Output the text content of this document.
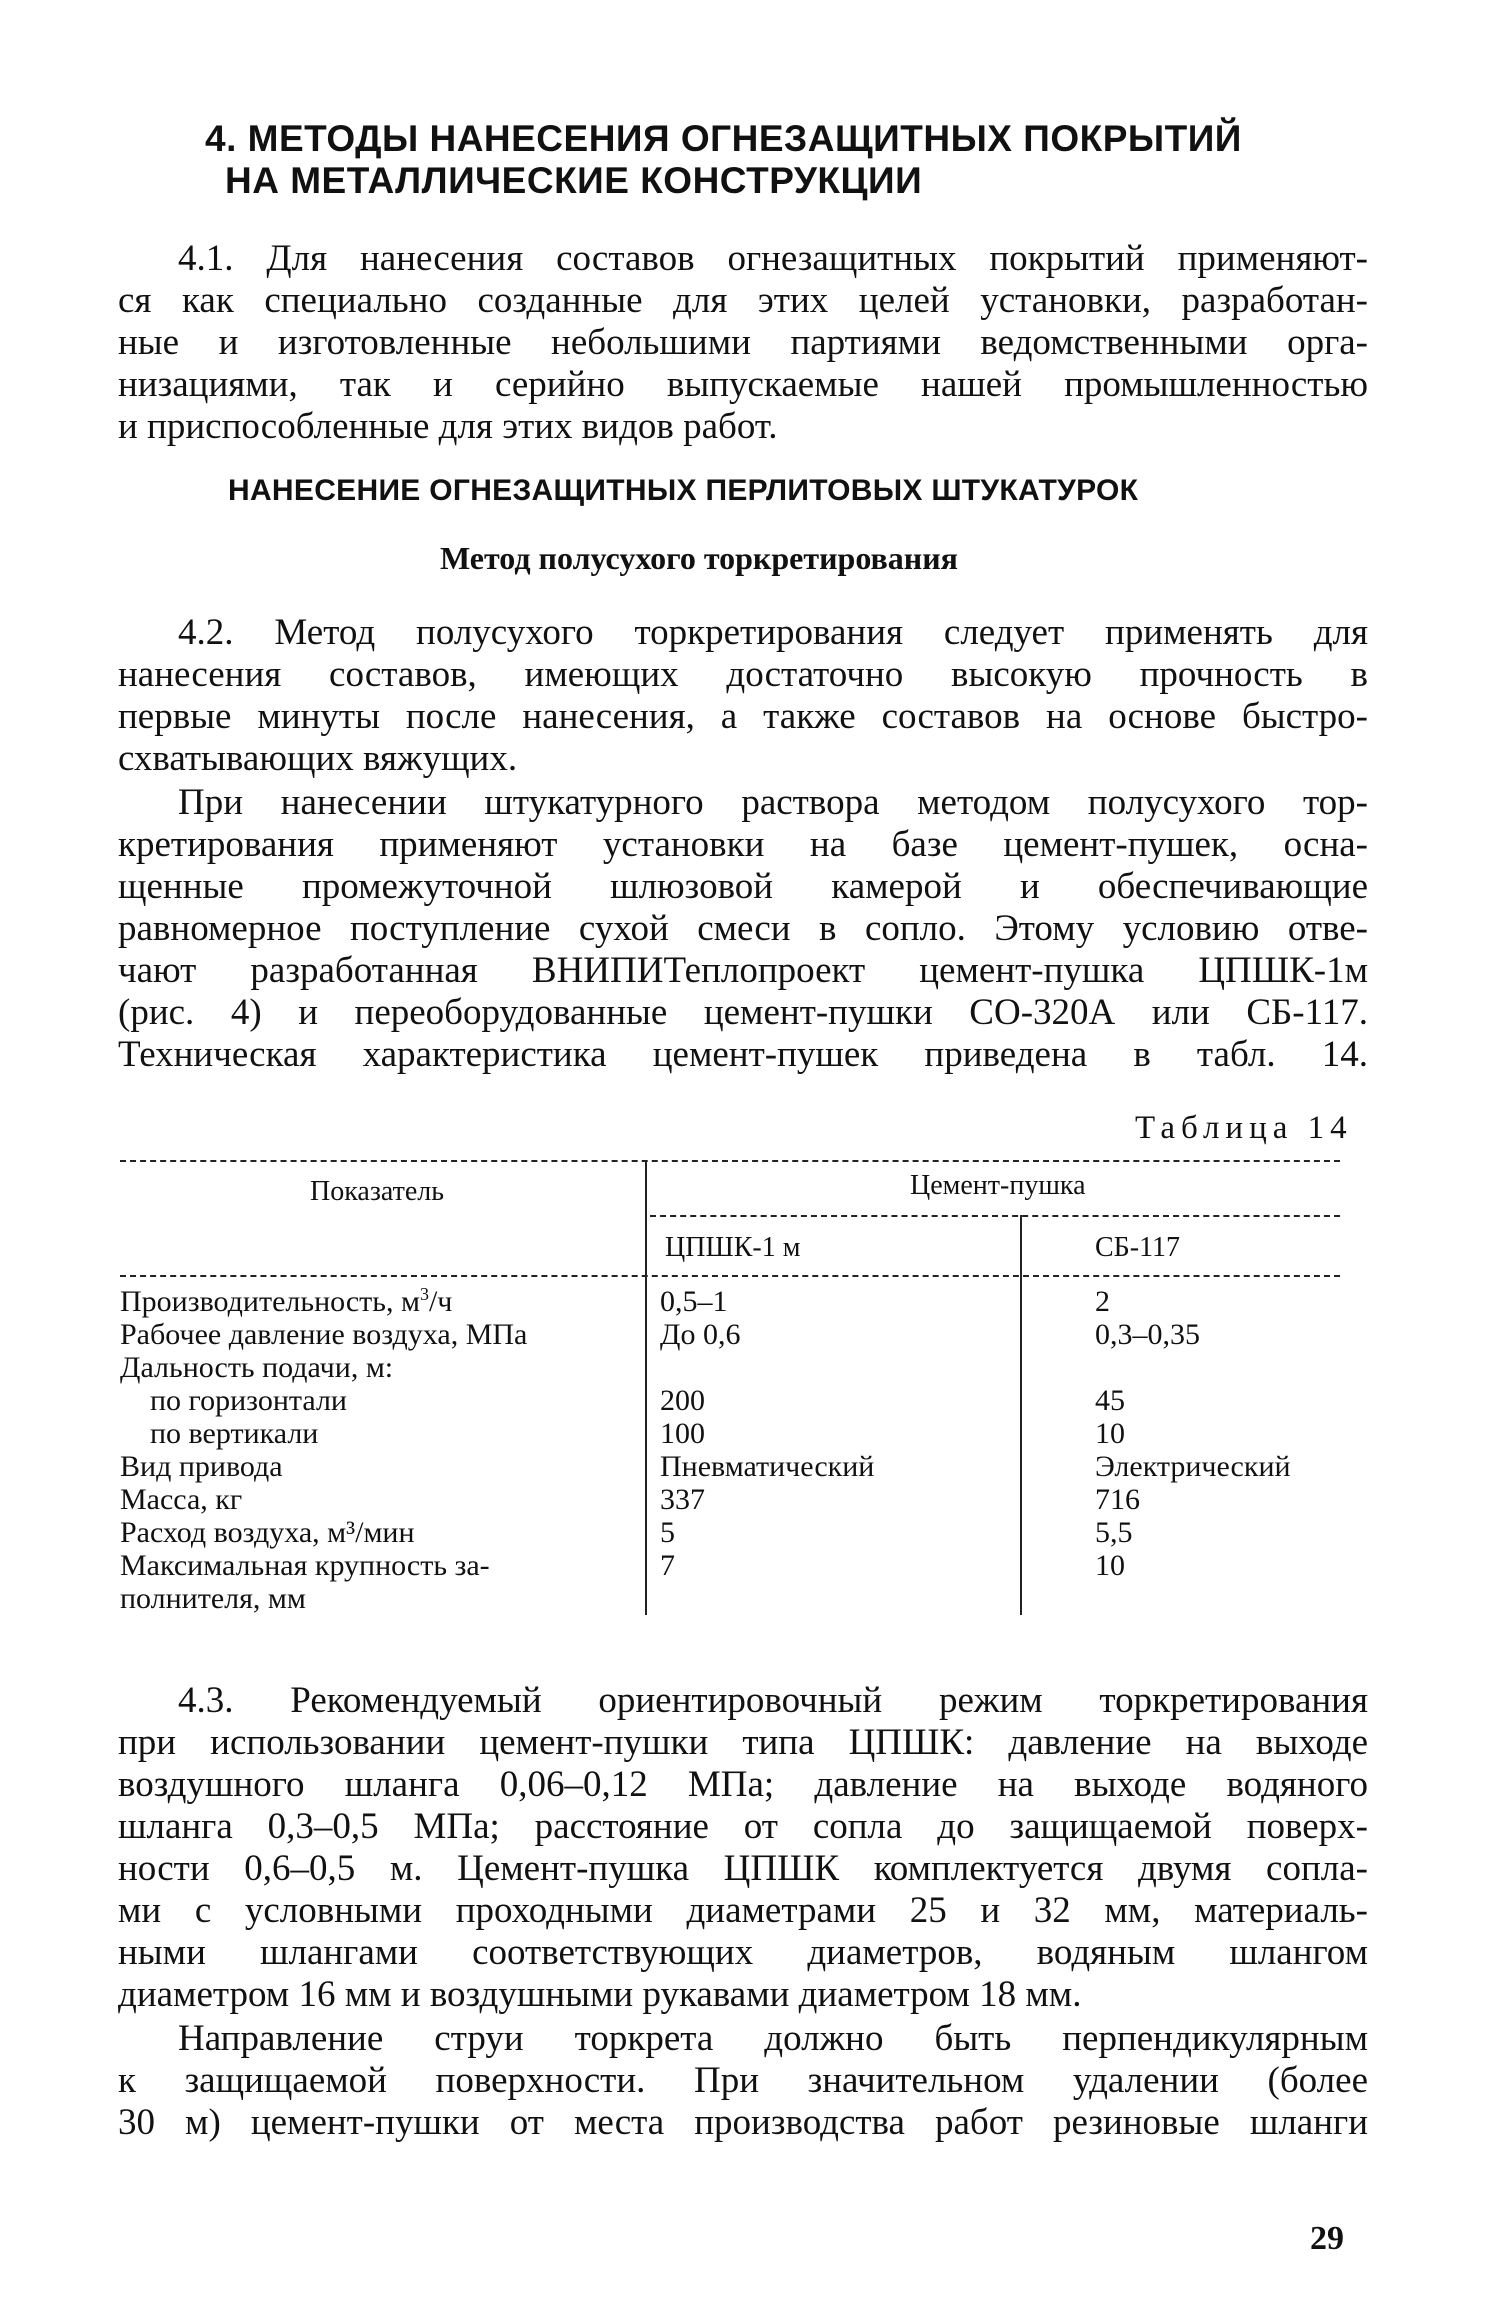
4. МЕТОДЫ НАНЕСЕНИЯ ОГНЕЗАЩИТНЫХ ПОКРЫТИЙ
НА МЕТАЛЛИЧЕСКИЕ КОНСТРУКЦИИ
4.1. Для нанесения составов огнезащитных покрытий применяют-
ся как специально созданные для этих целей установки, разработан-
ные и изготовленные небольшими партиями ведомственными орга-
низациями, так и серийно выпускаемые нашей промышленностью
и приспособленные для этих видов работ.
НАНЕСЕНИЕ ОГНЕЗАЩИТНЫХ ПЕРЛИТОВЫХ ШТУКАТУРОК
Метод полусухого торкретирования
4.2. Метод полусухого торкретирования следует применять для
нанесения составов, имеющих достаточно высокую прочность в
первые минуты после нанесения, а также составов на основе быстро-
схватывающих вяжущих.
При нанесении штукатурного раствора методом полусухого тор-
кретирования применяют установки на базе цемент-пушек, осна-
щенные промежуточной шлюзовой камерой и обеспечивающие
равномерное поступление сухой смеси в сопло. Этому условию отве-
чают разработанная ВНИПИТеплопроект цемент-пушка ЦПШК-1м
(рис. 4) и переоборудованные цемент-пушки СО-320А или СБ-117.
Техническая характеристика цемент-пушек приведена в табл. 14.
Таблица 14
Показатель	Цемент-пушка
ЦПШК-1 м	СБ-117
Производительность, $м^3/ч$	0,5–1	2
Рабочее давление воздуха, МПа	До 0,6	0,3–0,35
Дальность подачи, м:
по горизонтали	200	45
по вертикали	100	10
Вид привода	Пневматический	Электрический
Масса, кг	337	716
Расход воздуха, м³/мин	5	5,5
Максимальная крупность за-	7	10
полнителя, мм
4.3. Рекомендуемый ориентировочный режим торкретирования
при использовании цемент-пушки типа ЦПШК: давление на выходе
воздушного шланга 0,06–0,12 МПа; давление на выходе водяного
шланга 0,3–0,5 МПа; расстояние от сопла до защищаемой поверх-
ности 0,6–0,5 м. Цемент-пушка ЦПШК комплектуется двумя сопла-
ми с условными проходными диаметрами 25 и 32 мм, материаль-
ными шлангами соответствующих диаметров, водяным шлангом
диаметром 16 мм и воздушными рукавами диаметром 18 мм.
Направление струи торкрета должно быть перпендикулярным
к защищаемой поверхности. При значительном удалении (более
30 м) цемент-пушки от места производства работ резиновые шланги
29
